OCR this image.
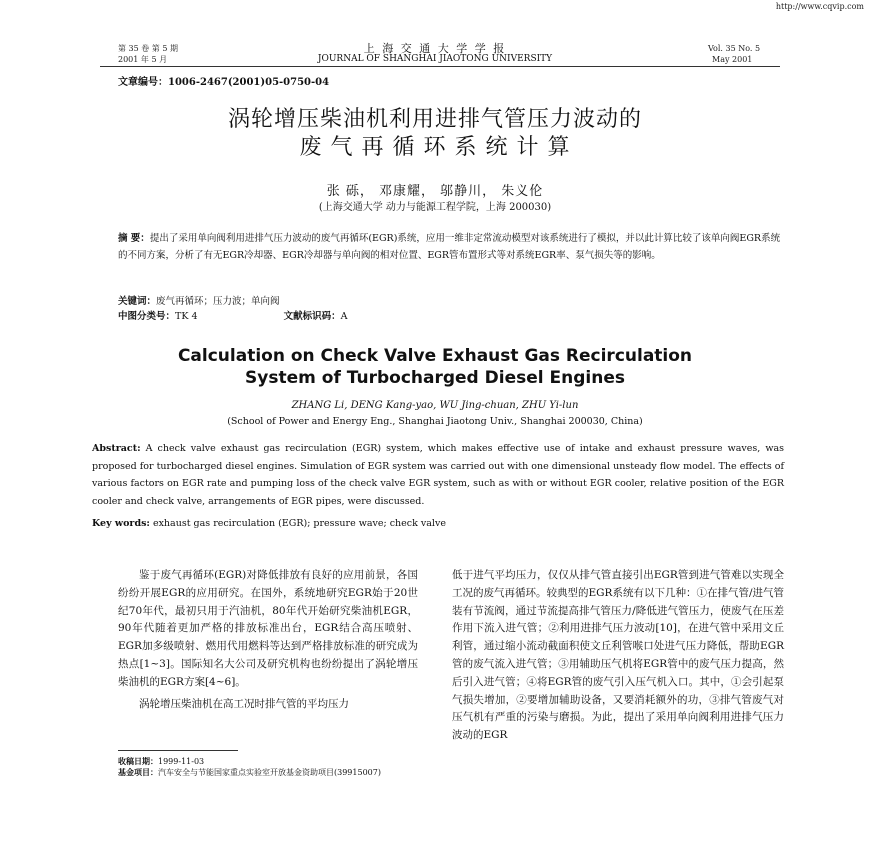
http://www.cqvip.com
第 35 卷 第 5 期
2001 年 5 月
上 海 交 通 大 学 学 报
JOURNAL OF SHANGHAI JIAOTONG UNIVERSITY
Vol. 35 No. 5
May 2001
文章编号：1006-2467(2001)05-0750-04
涡轮增压柴油机利用进排气管压力波动的
废 气 再 循 环 系 统 计 算
张 砾， 邓康耀， 邬静川， 朱义伦
(上海交通大学 动力与能源工程学院，上海 200030)
摘 要：提出了采用单向阀利用进排气压力波动的废气再循环(EGR)系统，应用一维非定常流动模型对该系统进行了模拟，并以此计算比较了该单向阀EGR系统的不同方案，分析了有无EGR冷却器、EGR冷却器与单向阀的相对位置、EGR管布置形式等对系统EGR率、泵气损失等的影响。
关键词：废气再循环；压力波；单向阀
中图分类号：TK 4	文献标识码：A
Calculation on Check Valve Exhaust Gas Recirculation
System of Turbocharged Diesel Engines
ZHANG Li, DENG Kang-yao, WU Jing-chuan, ZHU Yi-lun
(School of Power and Energy Eng., Shanghai Jiaotong Univ., Shanghai 200030, China)
Abstract: A check valve exhaust gas recirculation (EGR) system, which makes effective use of intake and exhaust pressure waves, was proposed for turbocharged diesel engines. Simulation of EGR system was carried out with one dimensional unsteady flow model. The effects of various factors on EGR rate and pumping loss of the check valve EGR system, such as with or without EGR cooler, relative position of the EGR cooler and check valve, arrangements of EGR pipes, were discussed.
Key words: exhaust gas recirculation (EGR); pressure wave; check valve

鉴于废气再循环(EGR)对降低排放有良好的应用前景，各国纷纷开展EGR的应用研究。在国外，系统地研究EGR始于20世纪70年代，最初只用于汽油机，80年代开始研究柴油机EGR，90年代随着更加严格的排放标准出台，EGR结合高压喷射、EGR加多级喷射、燃用代用燃料等达到严格排放标准的研究成为热点[1~3]。国际知名大公司及研究机构也纷纷提出了涡轮增压柴油机的EGR方案[4~6]。

涡轮增压柴油机在高工况时排气管的平均压力

收稿日期：1999-11-03
基金项目：汽车安全与节能国家重点实验室开放基金资助项目(39915007)

低于进气平均压力，仅仅从排气管直接引出EGR管到进气管难以实现全工况的废气再循环。较典型的EGR系统有以下几种：①在排气管/进气管装有节流阀，通过节流提高排气管压力/降低进气管压力，使废气在压差作用下流入进气管；②利用进排气压力波动[10]，在进气管中采用文丘利管，通过缩小流动截面积使文丘利管喉口处进气压力降低，帮助EGR管的废气流入进气管；③用辅助压气机将EGR管中的废气压力提高，然后引入进气管；④将EGR管的废气引入压气机入口。其中，①会引起泵气损失增加，②要增加辅助设备，又要消耗额外的功，③排气管废气对压气机有严重的污染与磨损。为此，提出了采用单向阀利用进排气压力波动的EGR
